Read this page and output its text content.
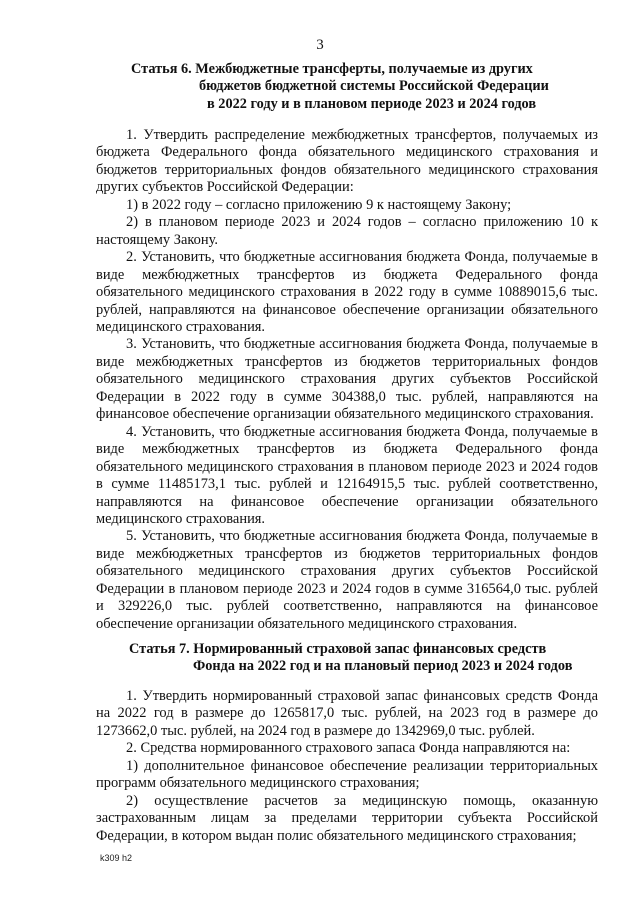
3
Статья 6. Межбюджетные трансферты, получаемые из других
бюджетов бюджетной системы Российской Федерации
в 2022 году и в плановом периоде 2023 и 2024 годов

1. Утвердить распределение межбюджетных трансфертов, получаемых из бюджета Федерального фонда обязательного медицинского страхования и бюджетов территориальных фондов обязательного медицинского страхования других субъектов Российской Федерации:

1) в 2022 году – согласно приложению 9 к настоящему Закону;

2) в плановом периоде 2023 и 2024 годов – согласно приложению 10 к настоящему Закону.

2. Установить, что бюджетные ассигнования бюджета Фонда, получаемые в виде межбюджетных трансфертов из бюджета Федерального фонда обязательного медицинского страхования в 2022 году в сумме 10889015,6 тыс. рублей, направляются на финансовое обеспечение организации обязательного медицинского страхования.

3. Установить, что бюджетные ассигнования бюджета Фонда, получаемые в виде межбюджетных трансфертов из бюджетов территориальных фондов обязательного медицинского страхования других субъектов Российской Федерации в 2022 году в сумме 304388,0 тыс. рублей, направляются на финансовое обеспечение организации обязательного медицинского страхования.

4. Установить, что бюджетные ассигнования бюджета Фонда, получаемые в виде межбюджетных трансфертов из бюджета Федерального фонда обязательного медицинского страхования в плановом периоде 2023 и 2024 годов в сумме 11485173,1 тыс. рублей и 12164915,5 тыс. рублей соответственно, направляются на финансовое обеспечение организации обязательного медицинского страхования.

5. Установить, что бюджетные ассигнования бюджета Фонда, получаемые в виде межбюджетных трансфертов из бюджетов территориальных фондов обязательного медицинского страхования других субъектов Российской Федерации в плановом периоде 2023 и 2024 годов в сумме 316564,0 тыс. рублей и 329226,0 тыс. рублей соответственно, направляются на финансовое обеспечение организации обязательного медицинского страхования.

Статья 7. Нормированный страховой запас финансовых средств
Фонда на 2022 год и на плановый период 2023 и 2024 годов

1. Утвердить нормированный страховой запас финансовых средств Фонда на 2022 год в размере до 1265817,0 тыс. рублей, на 2023 год в размере до 1273662,0 тыс. рублей, на 2024 год в размере до 1342969,0 тыс. рублей.

2. Средства нормированного страхового запаса Фонда направляются на:

1) дополнительное финансовое обеспечение реализации территориальных программ обязательного медицинского страхования;

2) осуществление расчетов за медицинскую помощь, оказанную застрахованным лицам за пределами территории субъекта Российской Федерации, в котором выдан полис обязательного медицинского страхования;

k309 h2
